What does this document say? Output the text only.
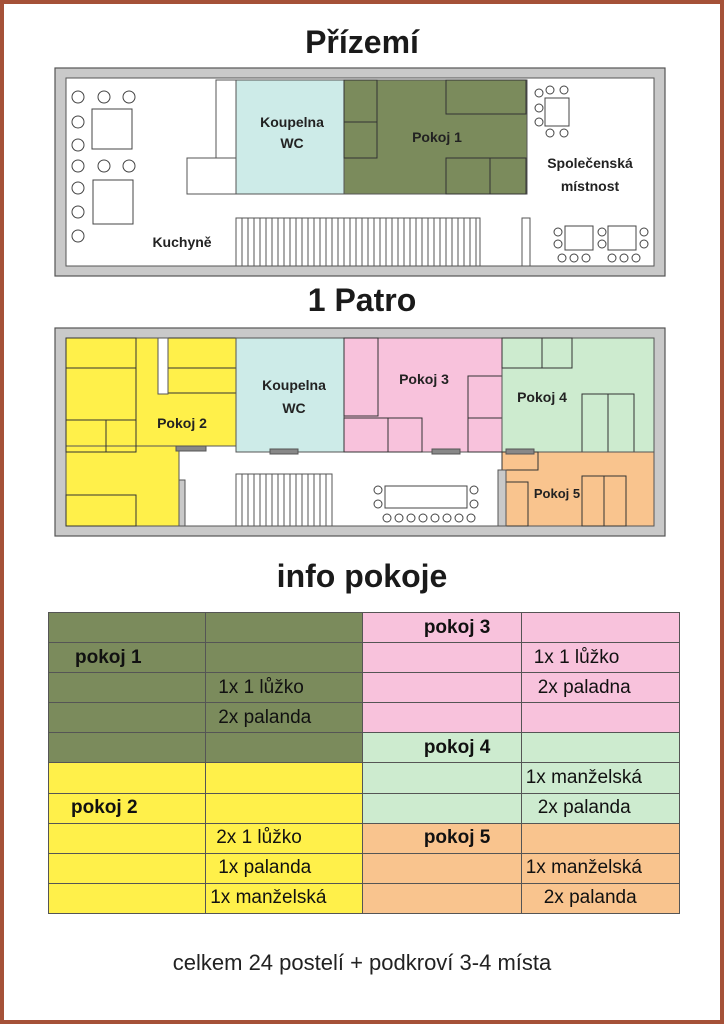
Přízemí
Koupelna
WC	Pokoj 1
Společenská
místnost
Kuchyně
1 Patro
Pokoj 2
Koupelna
WC
Pokoj 3
Pokoj 4
Pokoj 5
info pokoje
		pokoj 3	
pokoj 1			1x 1 lůžko
	1x 1 lůžko		2x paladna
	2x palanda		
		pokoj 4	
			1x manželská
pokoj 2			2x palanda
	2x 1 lůžko	pokoj 5	
	1x palanda		1x manželská
	1x manželská		2x palanda
celkem 24 postelí + podkroví 3-4 místa
